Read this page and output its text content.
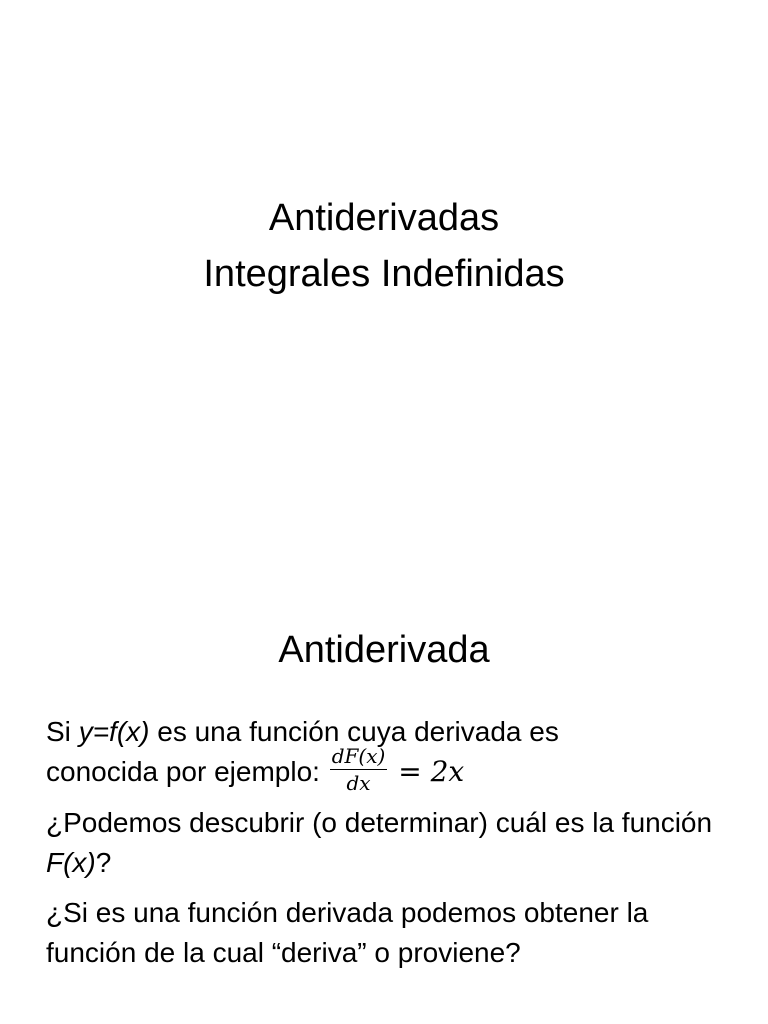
Antiderivadas
Integrales Indefinidas
Antiderivada
Si y=f(x) es una función cuya derivada es
conocida por ejemplo: $\frac{dF(x)}{dx} = 2x$
¿Podemos descubrir (o determinar) cuál es la función F(x)?
¿Si es una función derivada podemos obtener la función de la cual “deriva” o proviene?
